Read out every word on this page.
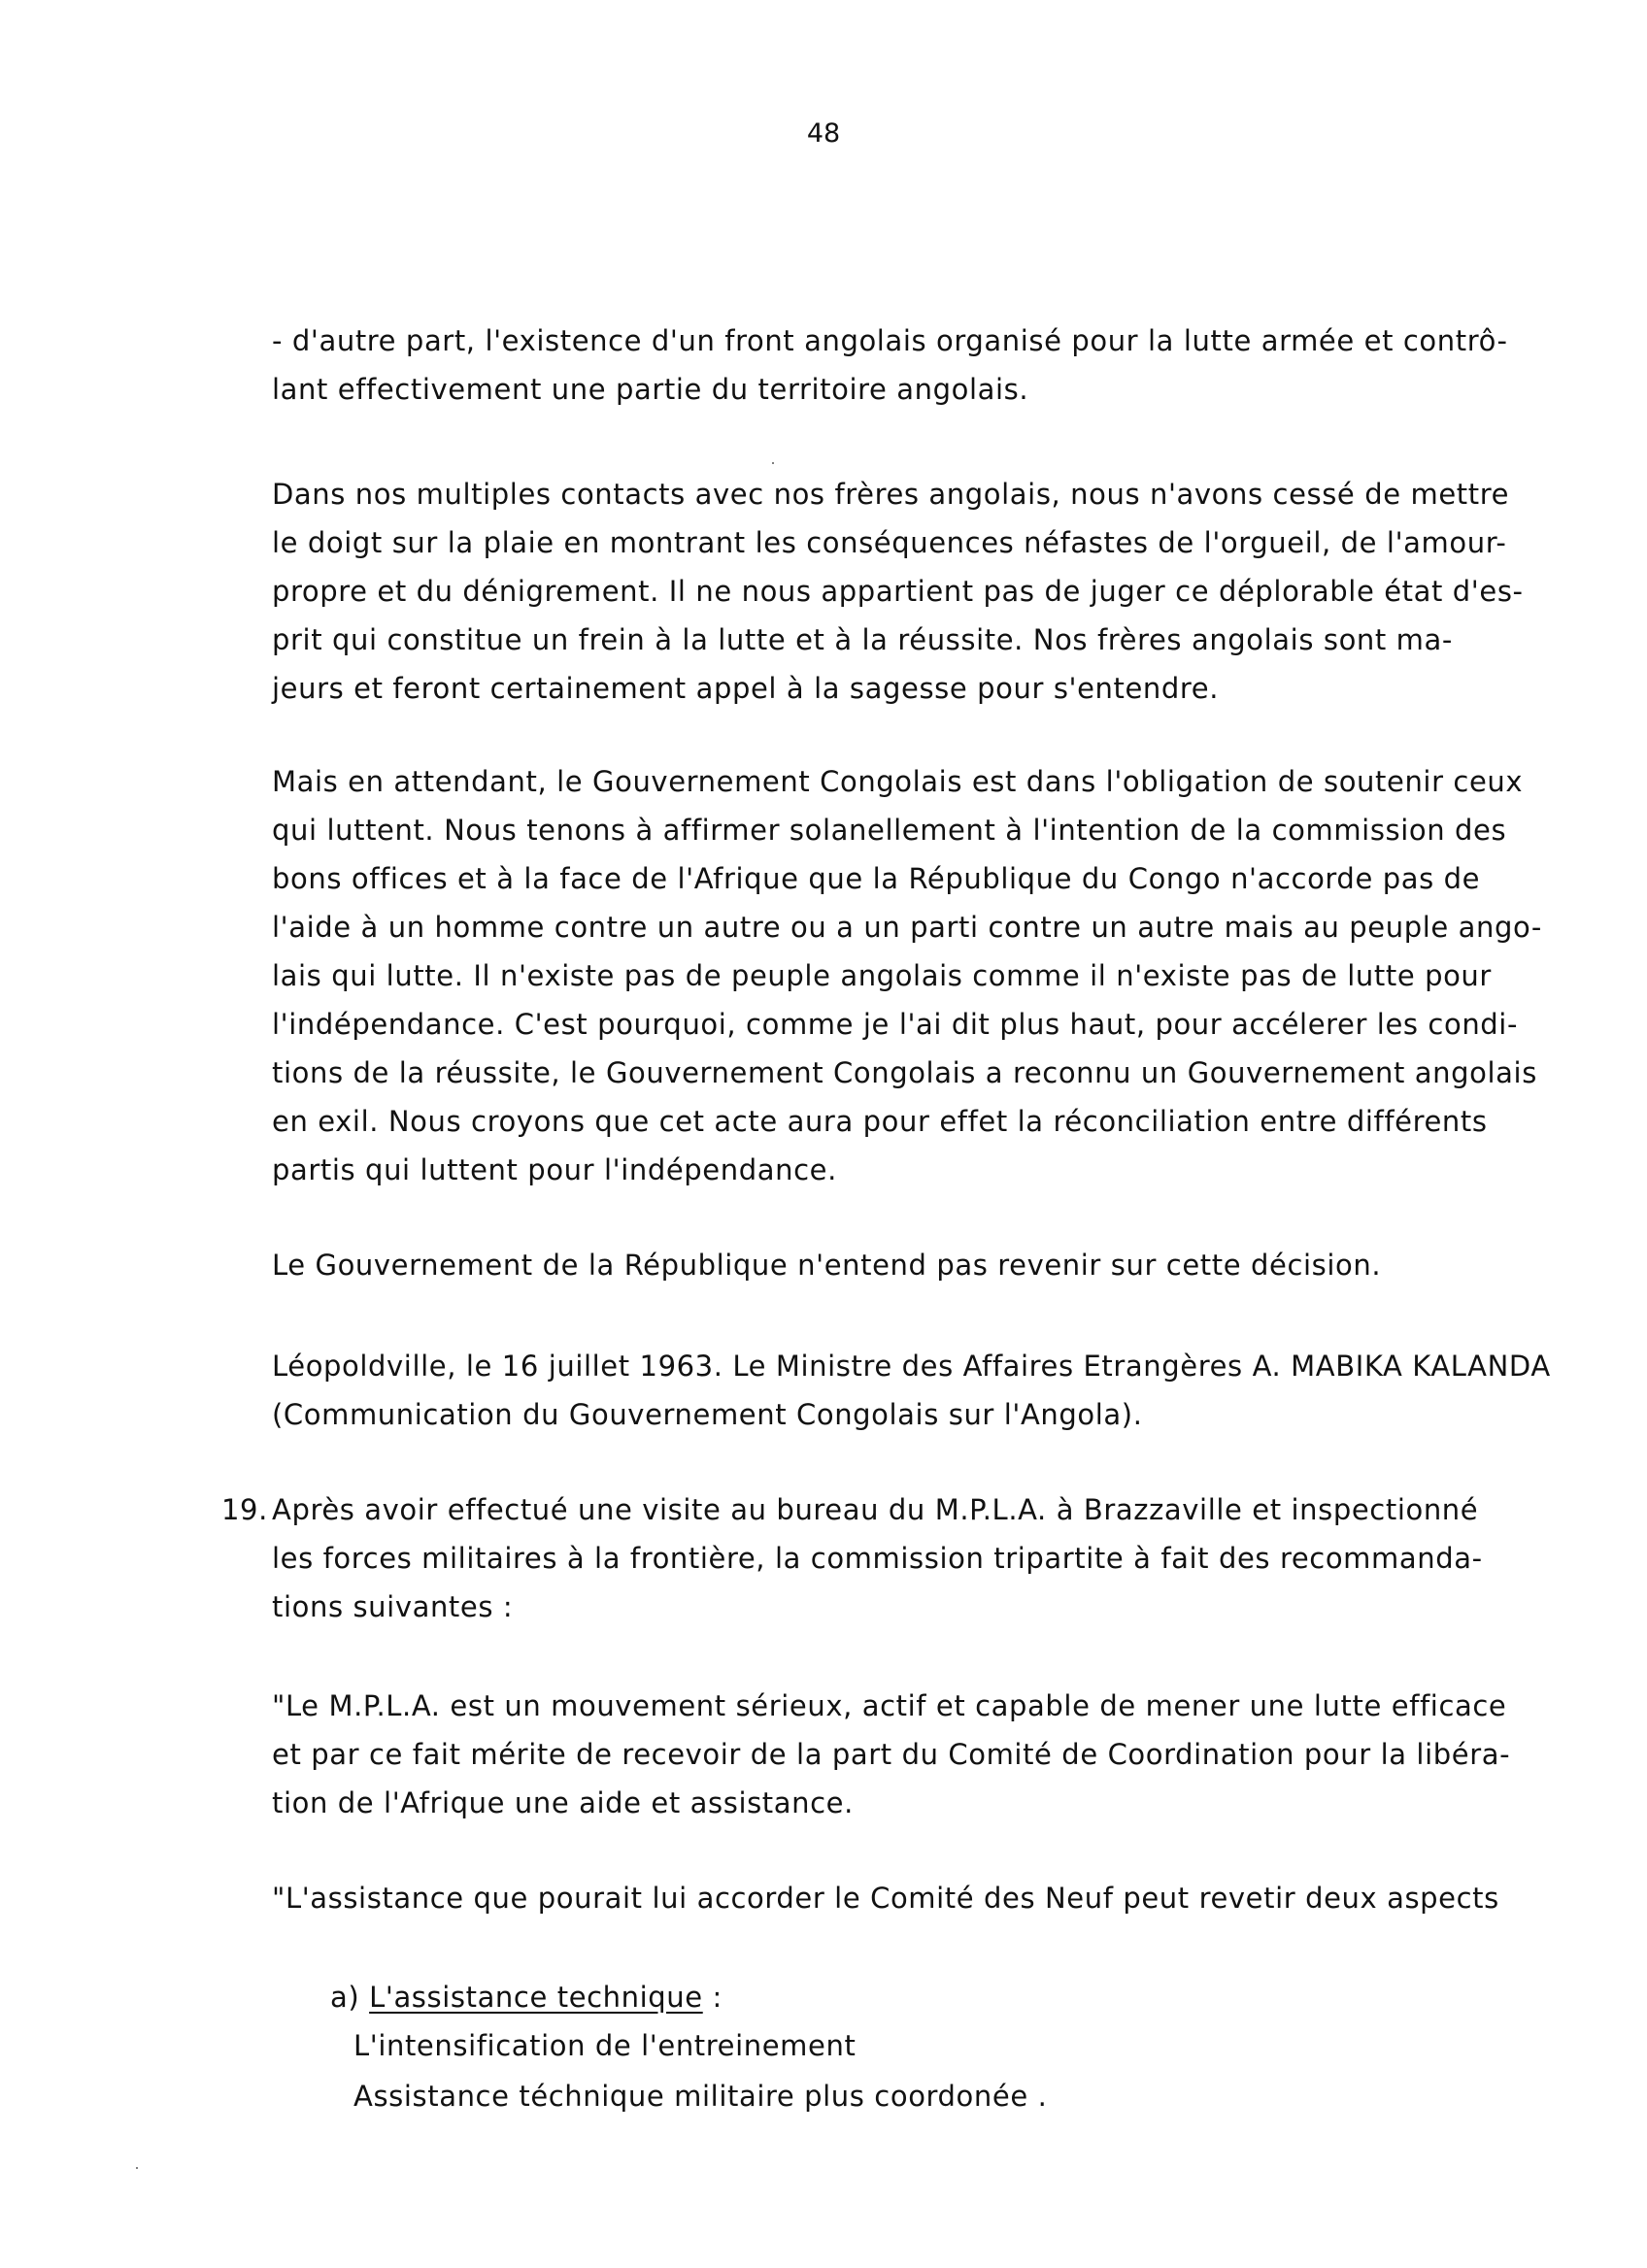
48
- d'autre part, l'existence d'un front angolais organisé pour la lutte armée et contrô-
lant effectivement une partie du territoire angolais.
Dans nos multiples contacts avec nos frères angolais, nous n'avons cessé de mettre
le doigt sur la plaie en montrant les conséquences néfastes de l'orgueil, de l'amour-
propre et du dénigrement. Il ne nous appartient pas de juger ce déplorable état d'es-
prit qui constitue un frein à la lutte et à la réussite. Nos frères angolais sont ma-
jeurs et feront certainement appel à la sagesse pour s'entendre.
Mais en attendant, le Gouvernement Congolais est dans l'obligation de soutenir ceux
qui luttent. Nous tenons à affirmer solanellement à l'intention de la commission des
bons offices et à la face de l'Afrique que la République du Congo n'accorde pas de
l'aide à un homme contre un autre ou a un parti contre un autre mais au peuple ango-
lais qui lutte. Il n'existe pas de peuple angolais comme il n'existe pas de lutte pour
l'indépendance. C'est pourquoi, comme je l'ai dit plus haut, pour accélerer les condi-
tions de la réussite, le Gouvernement Congolais a reconnu un Gouvernement angolais
en exil. Nous croyons que cet acte aura pour effet la réconciliation entre différents
partis qui luttent pour l'indépendance.
Le Gouvernement de la République n'entend pas revenir sur cette décision.
Léopoldville, le 16 juillet 1963. Le Ministre des Affaires Etrangères A. MABIKA KALANDA
(Communication du Gouvernement Congolais sur l'Angola).
19. Après avoir effectué une visite au bureau du M.P.L.A. à Brazzaville et inspectionné
les forces militaires à la frontière, la commission tripartite à fait des recommanda-
tions suivantes :
"Le M.P.L.A. est un mouvement sérieux, actif et capable de mener une lutte efficace
et par ce fait mérite de recevoir de la part du Comité de Coordination pour la libéra-
tion de l'Afrique une aide et assistance.
"L'assistance que pourait lui accorder le Comité des Neuf peut revetir deux aspects
a) L'assistance technique :
L'intensification de l'entreinement
Assistance téchnique militaire plus coordonée .
